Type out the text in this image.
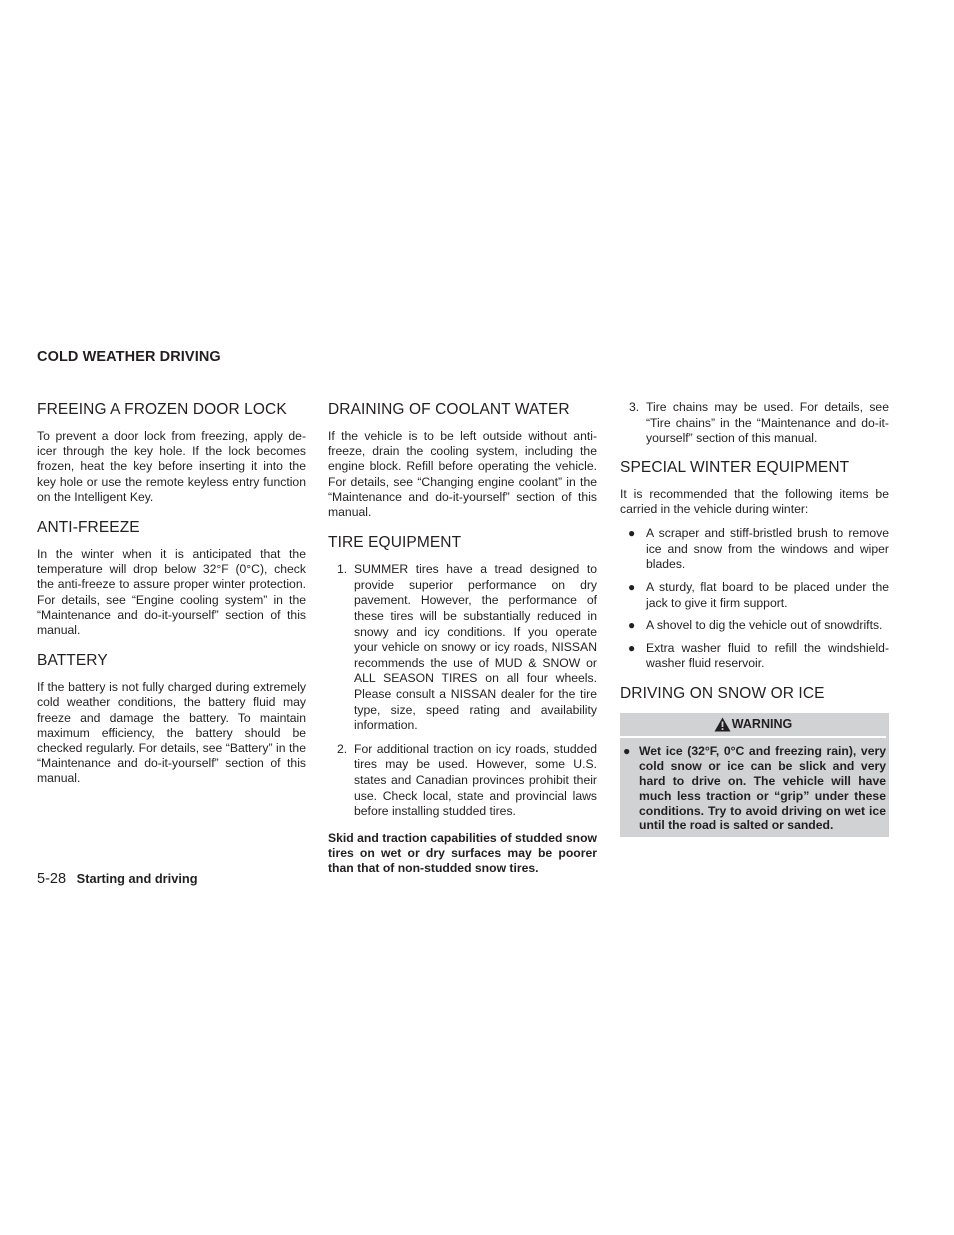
COLD WEATHER DRIVING
FREEING A FROZEN DOOR LOCK

To prevent a door lock from freezing, apply de-icer through the key hole. If the lock becomes frozen, heat the key before inserting it into the key hole or use the remote keyless entry function on the Intelligent Key.

ANTI-FREEZE

In the winter when it is anticipated that the temperature will drop below 32°F (0°C), check the anti-freeze to assure proper winter protection. For details, see “Engine cooling system” in the “Maintenance and do-it-yourself” section of this manual.

BATTERY

If the battery is not fully charged during extremely cold weather conditions, the battery fluid may freeze and damage the battery. To maintain maximum efficiency, the battery should be checked regularly. For details, see “Battery” in the “Maintenance and do-it-yourself” section of this manual.

DRAINING OF COOLANT WATER

If the vehicle is to be left outside without anti-freeze, drain the cooling system, including the engine block. Refill before operating the vehicle. For details, see “Changing engine coolant” in the “Maintenance and do-it-yourself” section of this manual.

TIRE EQUIPMENT
1. SUMMER tires have a tread designed to provide superior performance on dry pavement. However, the performance of these tires will be substantially reduced in snowy and icy conditions. If you operate your vehicle on snowy or icy roads, NISSAN recommends the use of MUD & SNOW or ALL SEASON TIRES on all four wheels. Please consult a NISSAN dealer for the tire type, size, speed rating and availability information.
2. For additional traction on icy roads, studded tires may be used. However, some U.S. states and Canadian provinces prohibit their use. Check local, state and provincial laws before installing studded tires.

Skid and traction capabilities of studded snow tires on wet or dry surfaces may be poorer than that of non-studded snow tires.

3. Tire chains may be used. For details, see “Tire chains” in the “Maintenance and do-it-yourself” section of this manual.
SPECIAL WINTER EQUIPMENT

It is recommended that the following items be carried in the vehicle during winter:

● A scraper and stiff-bristled brush to remove ice and snow from the windows and wiper blades.
● A sturdy, flat board to be placed under the jack to give it firm support.
● A shovel to dig the vehicle out of snowdrifts.
● Extra washer fluid to refill the windshield-washer fluid reservoir.
DRIVING ON SNOW OR ICE
WARNING
● Wet ice (32°F, 0°C and freezing rain), very cold snow or ice can be slick and very hard to drive on. The vehicle will have much less traction or “grip” under these conditions. Try to avoid driving on wet ice until the road is salted or sanded.
5-28 Starting and driving
